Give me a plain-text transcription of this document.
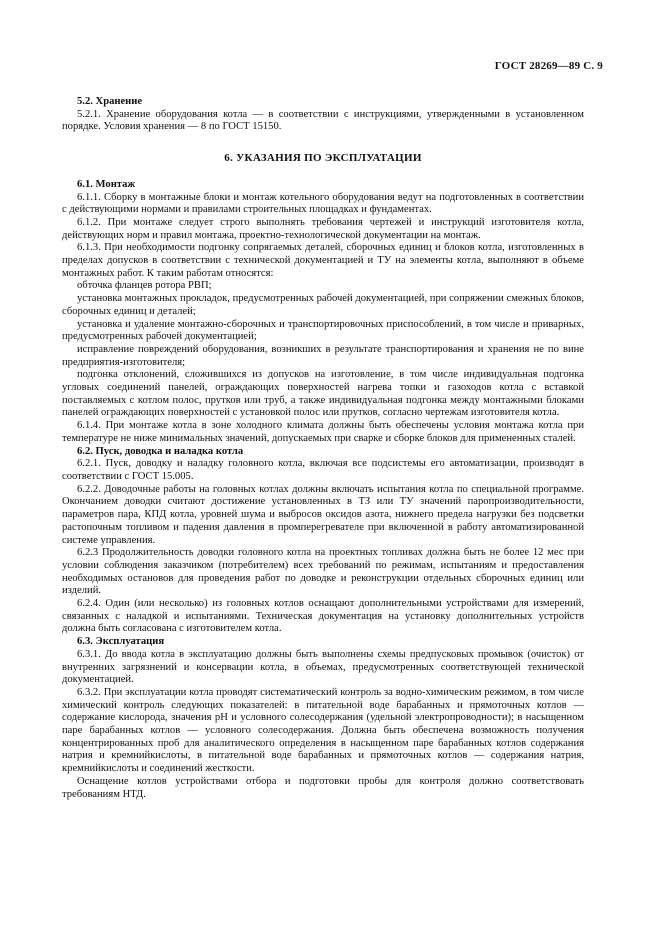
ГОСТ 28269—89 С. 9
5.2. Хранение

5.2.1. Хранение оборудования котла — в соответствии с инструкциями, утвержденными в установленном порядке. Условия хранения — 8 по ГОСТ 15150.

6. УКАЗАНИЯ ПО ЭКСПЛУАТАЦИИ
6.1. Монтаж

6.1.1. Сборку в монтажные блоки и монтаж котельного оборудования ведут на подготовленных в соответствии с действующими нормами и правилами строительных площадках и фундаментах.

6.1.2. При монтаже следует строго выполнять требования чертежей и инструкций изготовителя котла, действующих норм и правил монтажа, проектно-технологической документации на монтаж.

6.1.3. При необходимости подгонку сопрягаемых деталей, сборочных единиц и блоков котла, изготовленных в пределах допусков в соответствии с технической документацией и ТУ на элементы котла, выполняют в объеме монтажных работ. К таким работам относятся:

обточка фланцев ротора РВП;

установка монтажных прокладок, предусмотренных рабочей документацией, при сопряжении смежных блоков, сборочных единиц и деталей;

установка и удаление монтажно-сборочных и транспортировочных приспособлений, в том числе и приварных, предусмотренных рабочей документацией;

исправление повреждений оборудования, возникших в результате транспортирования и хранения не по вине предприятия-изготовителя;

подгонка отклонений, сложившихся из допусков на изготовление, в том числе индивидуальная подгонка угловых соединений панелей, ограждающих поверхностей нагрева топки и газоходов котла с вставкой поставляемых с котлом полос, прутков или труб, а также индивидуальная подгонка между монтажными блоками панелей ограждающих поверхностей с установкой полос или прутков, согласно чертежам изготовителя котла.

6.1.4. При монтаже котла в зоне холодного климата должны быть обеспечены условия монтажа котла при температуре не ниже минимальных значений, допускаемых при сварке и сборке блоков для примененных сталей.

6.2. Пуск, доводка и наладка котла

6.2.1. Пуск, доводку и наладку головного котла, включая все подсистемы его автоматизации, производят в соответствии с ГОСТ 15.005.

6.2.2. Доводочные работы на головных котлах должны включать испытания котла по специальной программе. Окончанием доводки считают достижение установленных в ТЗ или ТУ значений паропроизводительности, параметров пара, КПД котла, уровней шума и выбросов оксидов азота, нижнего предела нагрузки без подсветки растопочным топливом и падения давления в промперегревателе при включенной в работу автоматизированной системе управления.

6.2.3 Продолжительность доводки головного котла на проектных топливах должна быть не более 12 мес при условии соблюдения заказчиком (потребителем) всех требований по режимам, испытаниям и предоставления необходимых остановов для проведения работ по доводке и реконструкции отдельных сборочных единиц или изделий.

6.2.4. Один (или несколько) из головных котлов оснащают дополнительными устройствами для измерений, связанных с наладкой и испытаниями. Техническая документация на установку дополнительных устройств должна быть согласована с изготовителем котла.

6.3. Эксплуатация

6.3.1. До ввода котла в эксплуатацию должны быть выполнены схемы предпусковых промывок (очисток) от внутренних загрязнений и консервации котла, в объемах, предусмотренных соответствующей технической документацией.

6.3.2. При эксплуатации котла проводят систематический контроль за водно-химическим режимом, в том числе химический контроль следующих показателей: в питательной воде барабанных и прямоточных котлов — содержание кислорода, значения pH и условного солесодержания (удельной электропроводности); в насыщенном паре барабанных котлов — условного солесодержания. Должна быть обеспечена возможность получения концентрированных проб для аналитического определения в насыщенном паре барабанных котлов содержания натрия и кремнийкислоты, в питательной воде барабанных и прямоточных котлов — содержания натрия, кремнийкислоты и соединений жесткости.

Оснащение котлов устройствами отбора и подготовки пробы для контроля должно соответствовать требованиям НТД.
